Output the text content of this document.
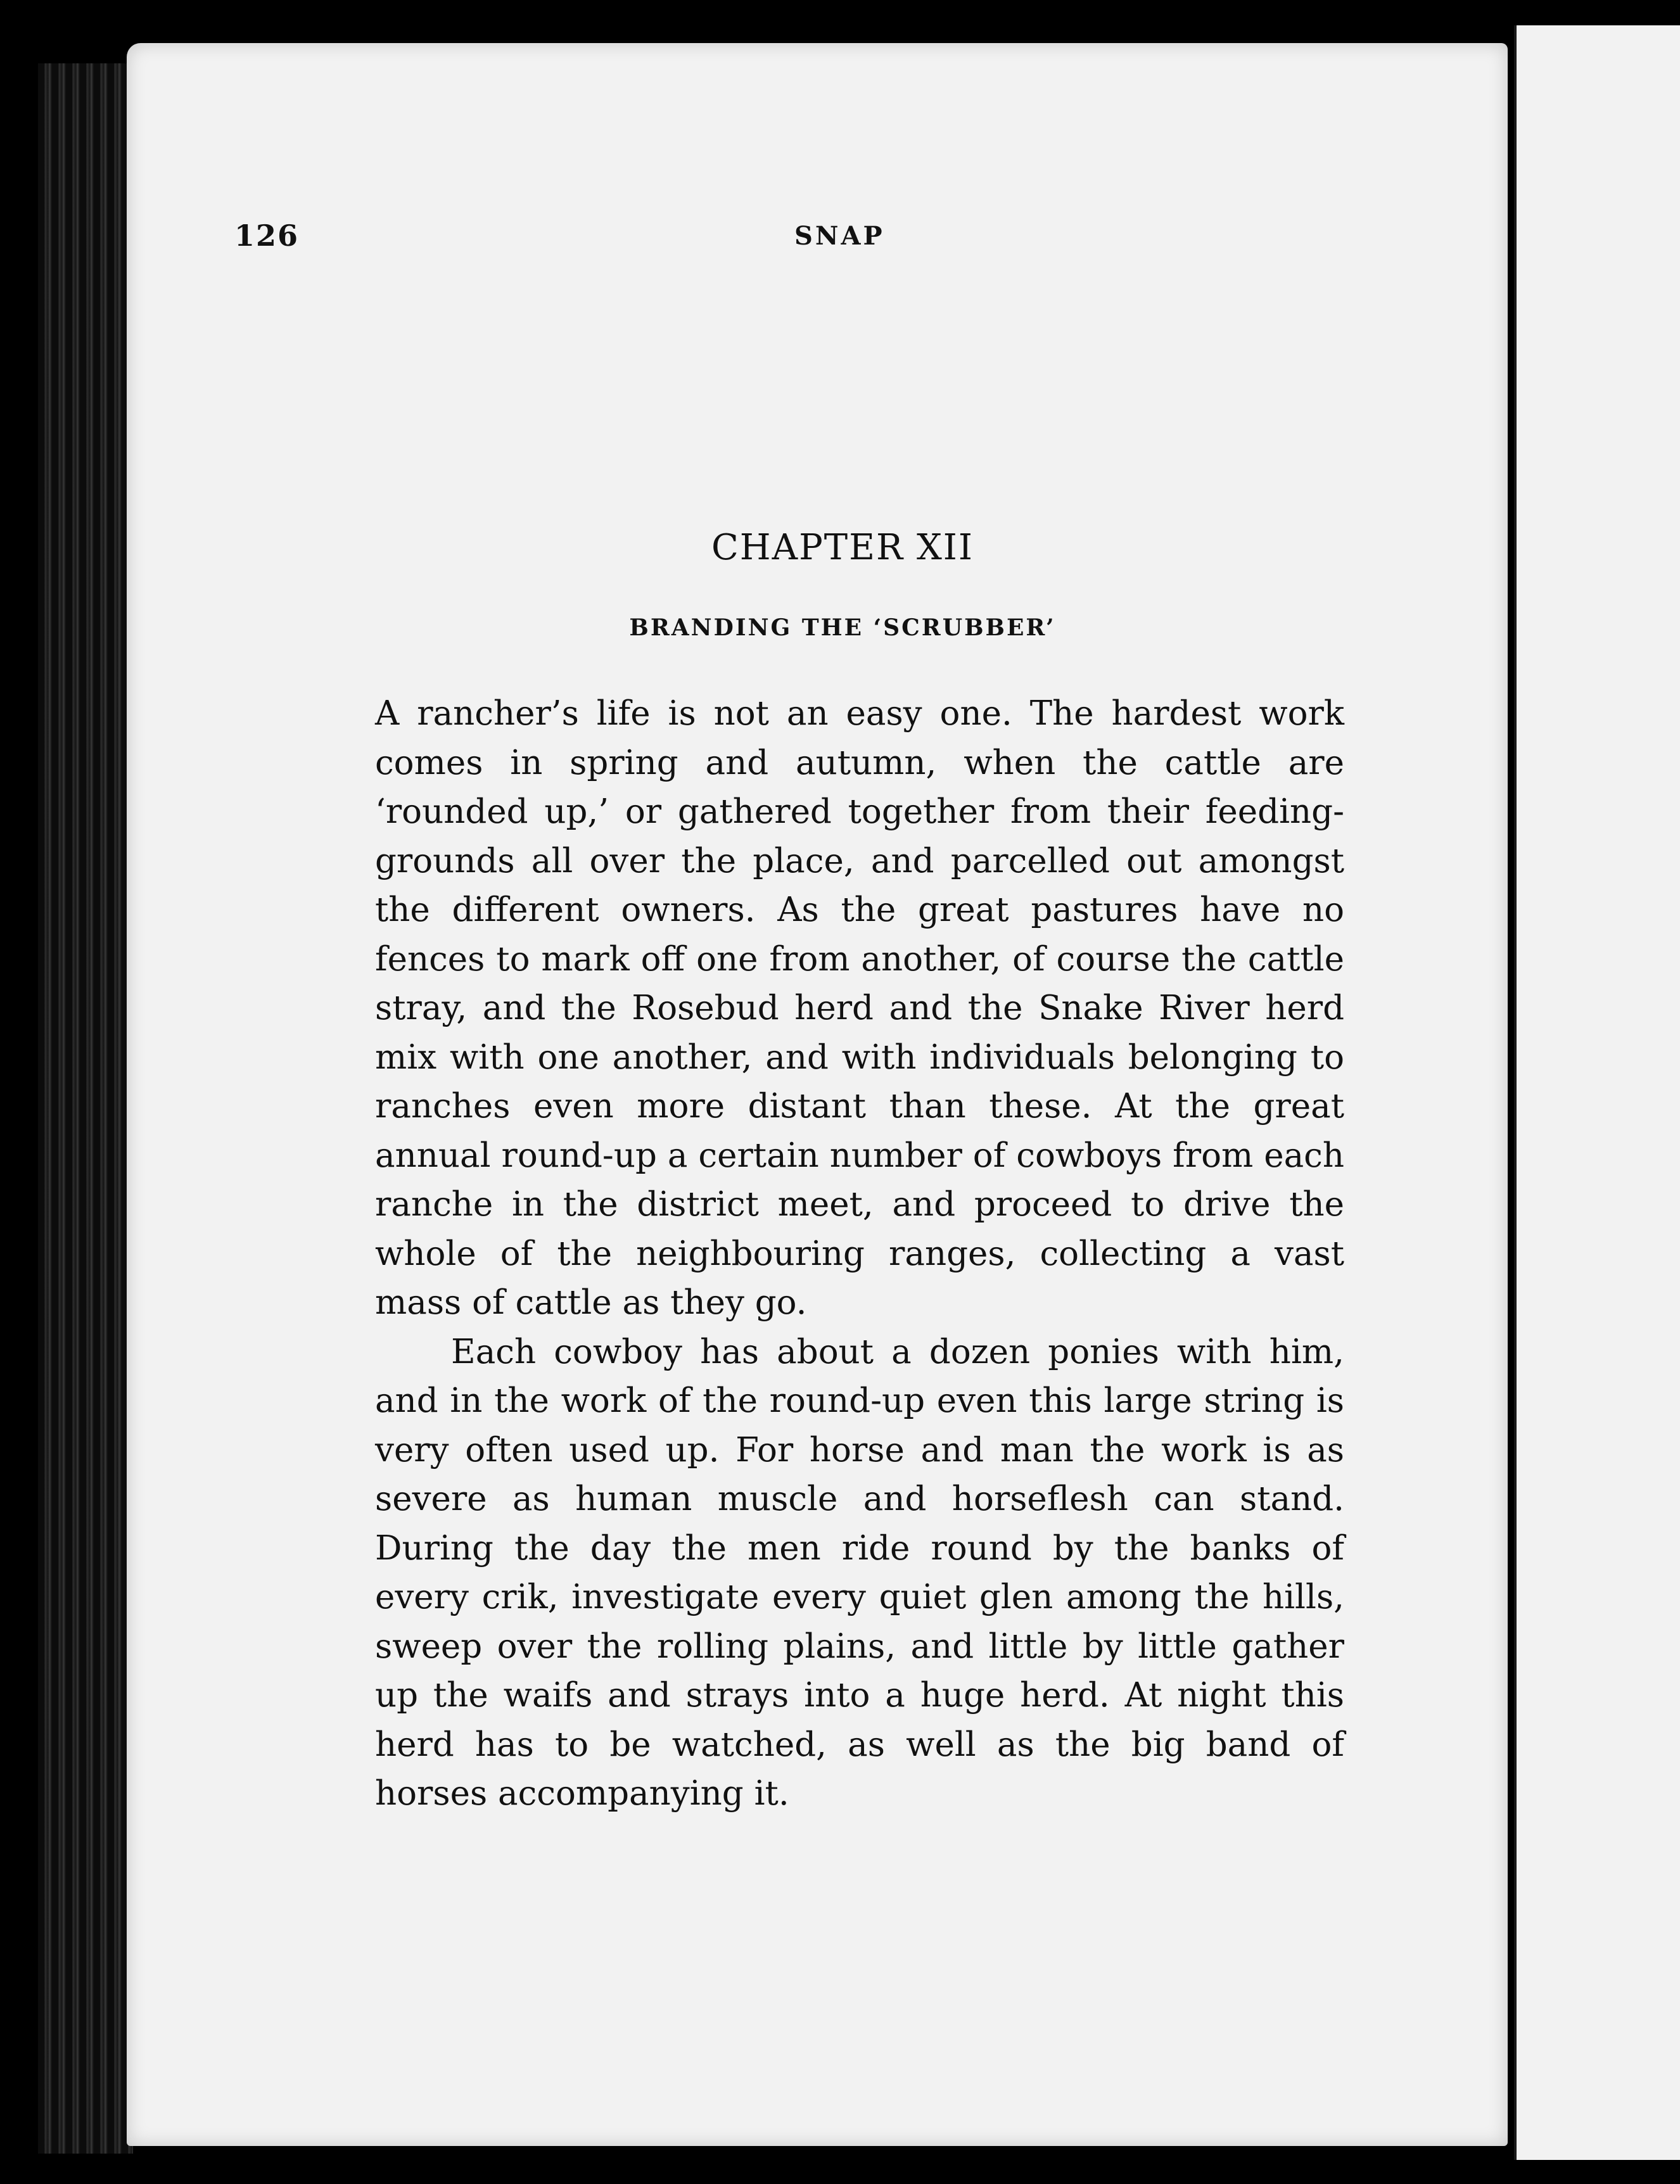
126	SNAP
CHAPTER XII
BRANDING THE ‘SCRUBBER’

A rancher’s life is not an easy one. The hardest work comes in spring and autumn, when the cattle are ‘rounded up,’ or gathered together from their feeding-grounds all over the place, and parcelled out amongst the different owners. As the great pastures have no fences to mark off one from another, of course the cattle stray, and the Rosebud herd and the Snake River herd mix with one another, and with individuals belonging to ranches even more distant than these. At the great annual round-up a certain number of cowboys from each ranche in the district meet, and proceed to drive the whole of the neighbouring ranges, collecting a vast mass of cattle as they go.

Each cowboy has about a dozen ponies with him, and in the work of the round-up even this large string is very often used up. For horse and man the work is as severe as human muscle and horseflesh can stand. During the day the men ride round by the banks of every crik, investigate every quiet glen among the hills, sweep over the rolling plains, and little by little gather up the waifs and strays into a huge herd. At night this herd has to be watched, as well as the big band of horses accompanying it.
